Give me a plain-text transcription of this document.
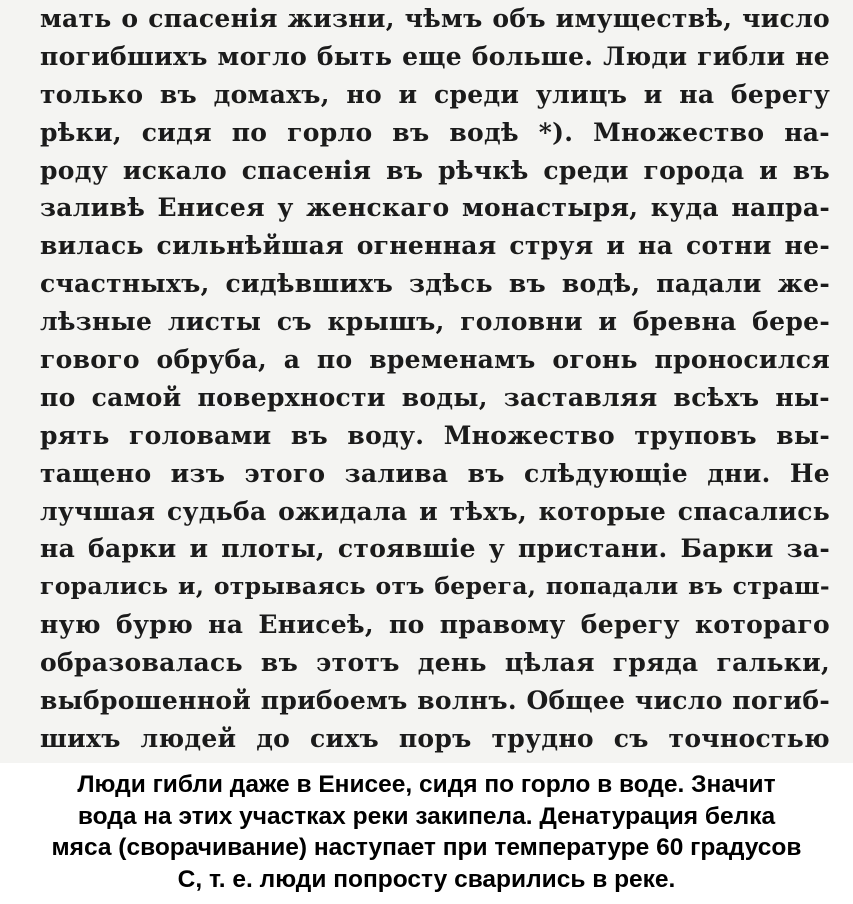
мать о спасенія жизни, чѣмъ объ имуществѣ, число
погибшихъ могло быть еще больше. Люди гибли не
только въ домахъ, но и среди улицъ и на берегу
рѣки, сидя по горло въ водѣ *). Множество на-
роду искало спасенія въ рѣчкѣ среди города и въ
заливѣ Енисея у женскаго монастыря, куда напра-
вилась сильнѣйшая огненная струя и на сотни не-
счастныхъ, сидѣвшихъ здѣсь въ водѣ, падали же-
лѣзные листы съ крышъ, головни и бревна бере-
гового обруба, а по временамъ огонь проносился
по самой поверхности воды, заставляя всѣхъ ны-
рять головами въ воду. Множество труповъ вы-
тащено изъ этого залива въ слѣдующіе дни. Не
лучшая судьба ожидала и тѣхъ, которые спасались
на барки и плоты, стоявшіе у пристани. Барки за-
горались и, отрываясь отъ берега, попадали въ страш-
ную бурю на Енисеѣ, по правому берегу котораго
образовалась въ этотъ день цѣлая гряда гальки,
выброшенной прибоемъ волнъ. Общее число погиб-
шихъ людей до сихъ поръ трудно съ точностью
Люди гибли даже в Енисее, сидя по горло в воде. Значит
вода на этих участках реки закипела. Денатурация белка
мяса (сворачивание) наступает при температуре 60 градусов
С, т. е. люди попросту сварились в реке.
